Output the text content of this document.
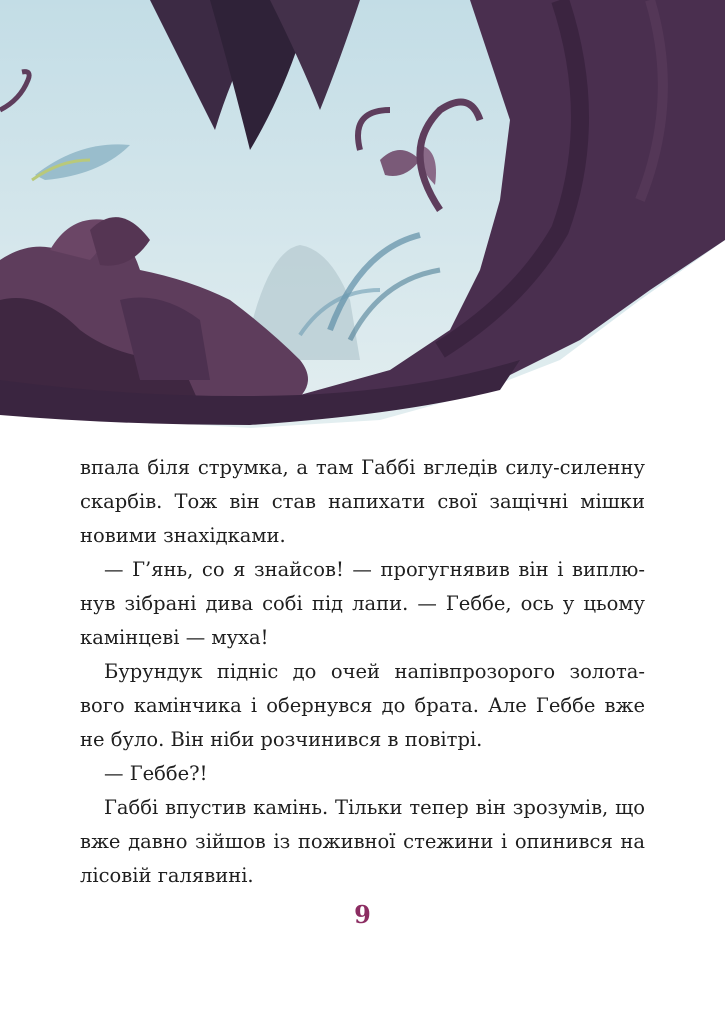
впала біля струмка, а там Габбі вгледів силу-силенну скарбів. Тож він став напихати свої защічні мішки новими знахідками.

— Г’янь, со я знайсов! — прогугнявив він і виплю- нув зібрані дива собі під лапи. — Геббе, ось у цьому камінцеві — муха!

Бурундук підніс до очей напівпрозорого золота- вого камінчика і обернувся до брата. Але Геббе вже не було. Він ніби розчинився в повітрі.

— Геббе?!

Габбі впустив камінь. Тільки тепер він зрозумів, що вже давно зійшов із поживної стежини і опинився на лісовій галявині.

9
